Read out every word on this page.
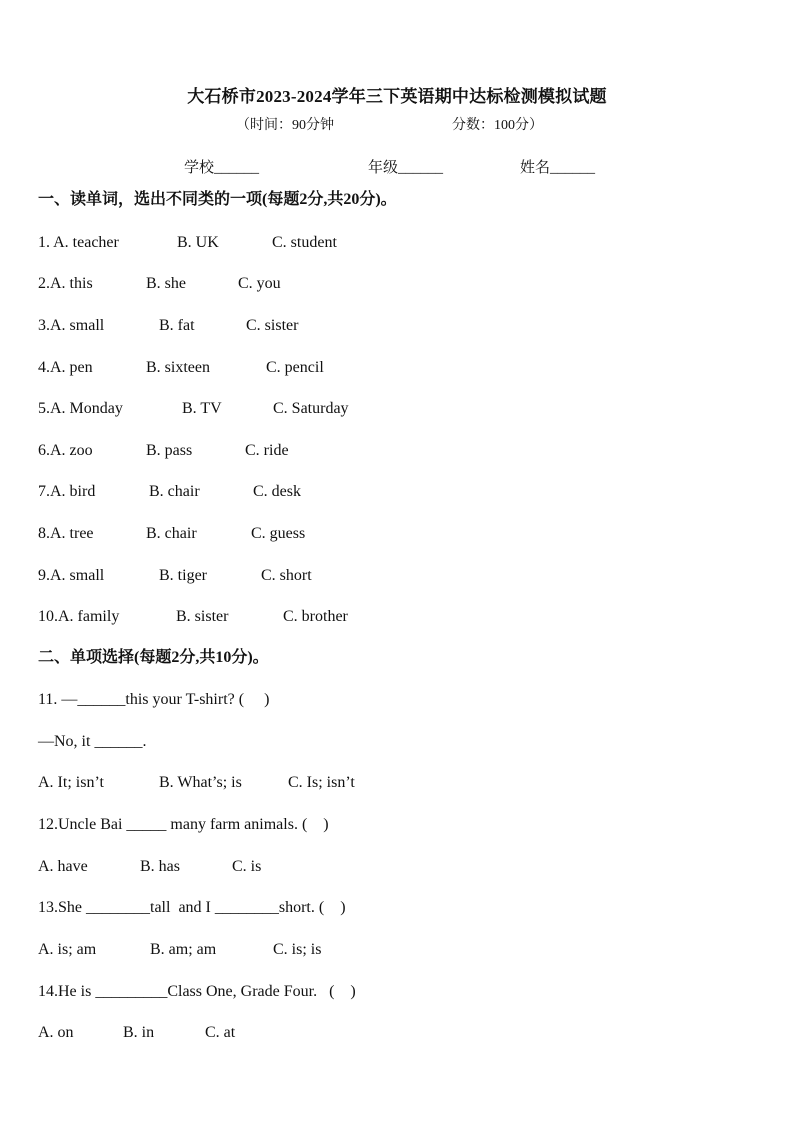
大石桥市2023-2024学年三下英语期中达标检测模拟试题
（时间：90分钟	分数：100分）
学校______	年级______	姓名______
一、读单词，选出不同类的一项(每题2分,共20分)。
1. A. teacher	B. UK	C. student
2.A. this	B. she	C. you
3.A. small	B. fat	C. sister
4.A. pen	B. sixteen	C. pencil
5.A. Monday	B. TV	C. Saturday
6.A. zoo	B. pass	C. ride
7.A. bird	B. chair	C. desk
8.A. tree	B. chair	C. guess
9.A. small	B. tiger	C. short
10.A. family	B. sister	C. brother
二、单项选择(每题2分,共10分)。
11. —______this your T-shirt? (     )
—No, it ______.
A. It; isn’t	B. What’s; is	C. Is; isn’t
12.Uncle Bai _____ many farm animals. (    )
A. have	B. has	C. is
13.She ________tall  and I ________short. (    )
A. is; am	B. am; am	C. is; is
14.He is _________Class One, Grade Four.   (    )
A. on	B. in	C. at
